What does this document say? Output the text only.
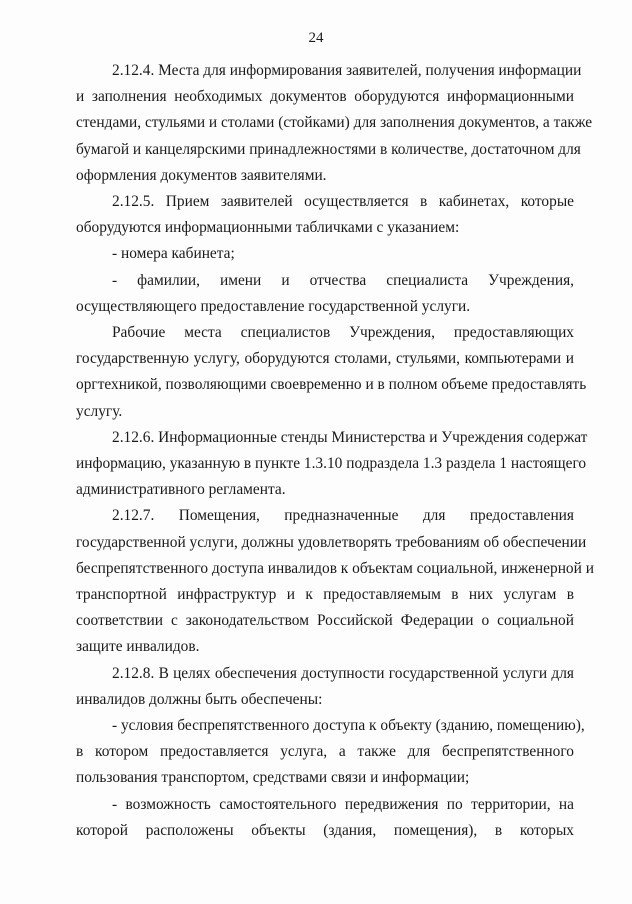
24
2.12.4. Места для информирования заявителей, получения информации
и заполнения необходимых документов оборудуются информационными
стендами, стульями и столами (стойками) для заполнения документов, а также
бумагой и канцелярскими принадлежностями в количестве, достаточном для
оформления документов заявителями.
2.12.5. Прием заявителей осуществляется в кабинетах, которые
оборудуются информационными табличками с указанием:
- номера кабинета;
- фамилии, имени и отчества специалиста Учреждения,
осуществляющего предоставление государственной услуги.
Рабочие места специалистов Учреждения, предоставляющих
государственную услугу, оборудуются столами, стульями, компьютерами и
оргтехникой, позволяющими своевременно и в полном объеме предоставлять
услугу.
2.12.6. Информационные стенды Министерства и Учреждения содержат
информацию, указанную в пункте 1.3.10 подраздела 1.3 раздела 1 настоящего
административного регламента.
2.12.7. Помещения, предназначенные для предоставления
государственной услуги, должны удовлетворять требованиям об обеспечении
беспрепятственного доступа инвалидов к объектам социальной, инженерной и
транспортной инфраструктур и к предоставляемым в них услугам в
соответствии с законодательством Российской Федерации о социальной
защите инвалидов.
2.12.8. В целях обеспечения доступности государственной услуги для
инвалидов должны быть обеспечены:
- условия беспрепятственного доступа к объекту (зданию, помещению),
в котором предоставляется услуга, а также для беспрепятственного
пользования транспортом, средствами связи и информации;
- возможность самостоятельного передвижения по территории, на
которой расположены объекты (здания, помещения), в которых
